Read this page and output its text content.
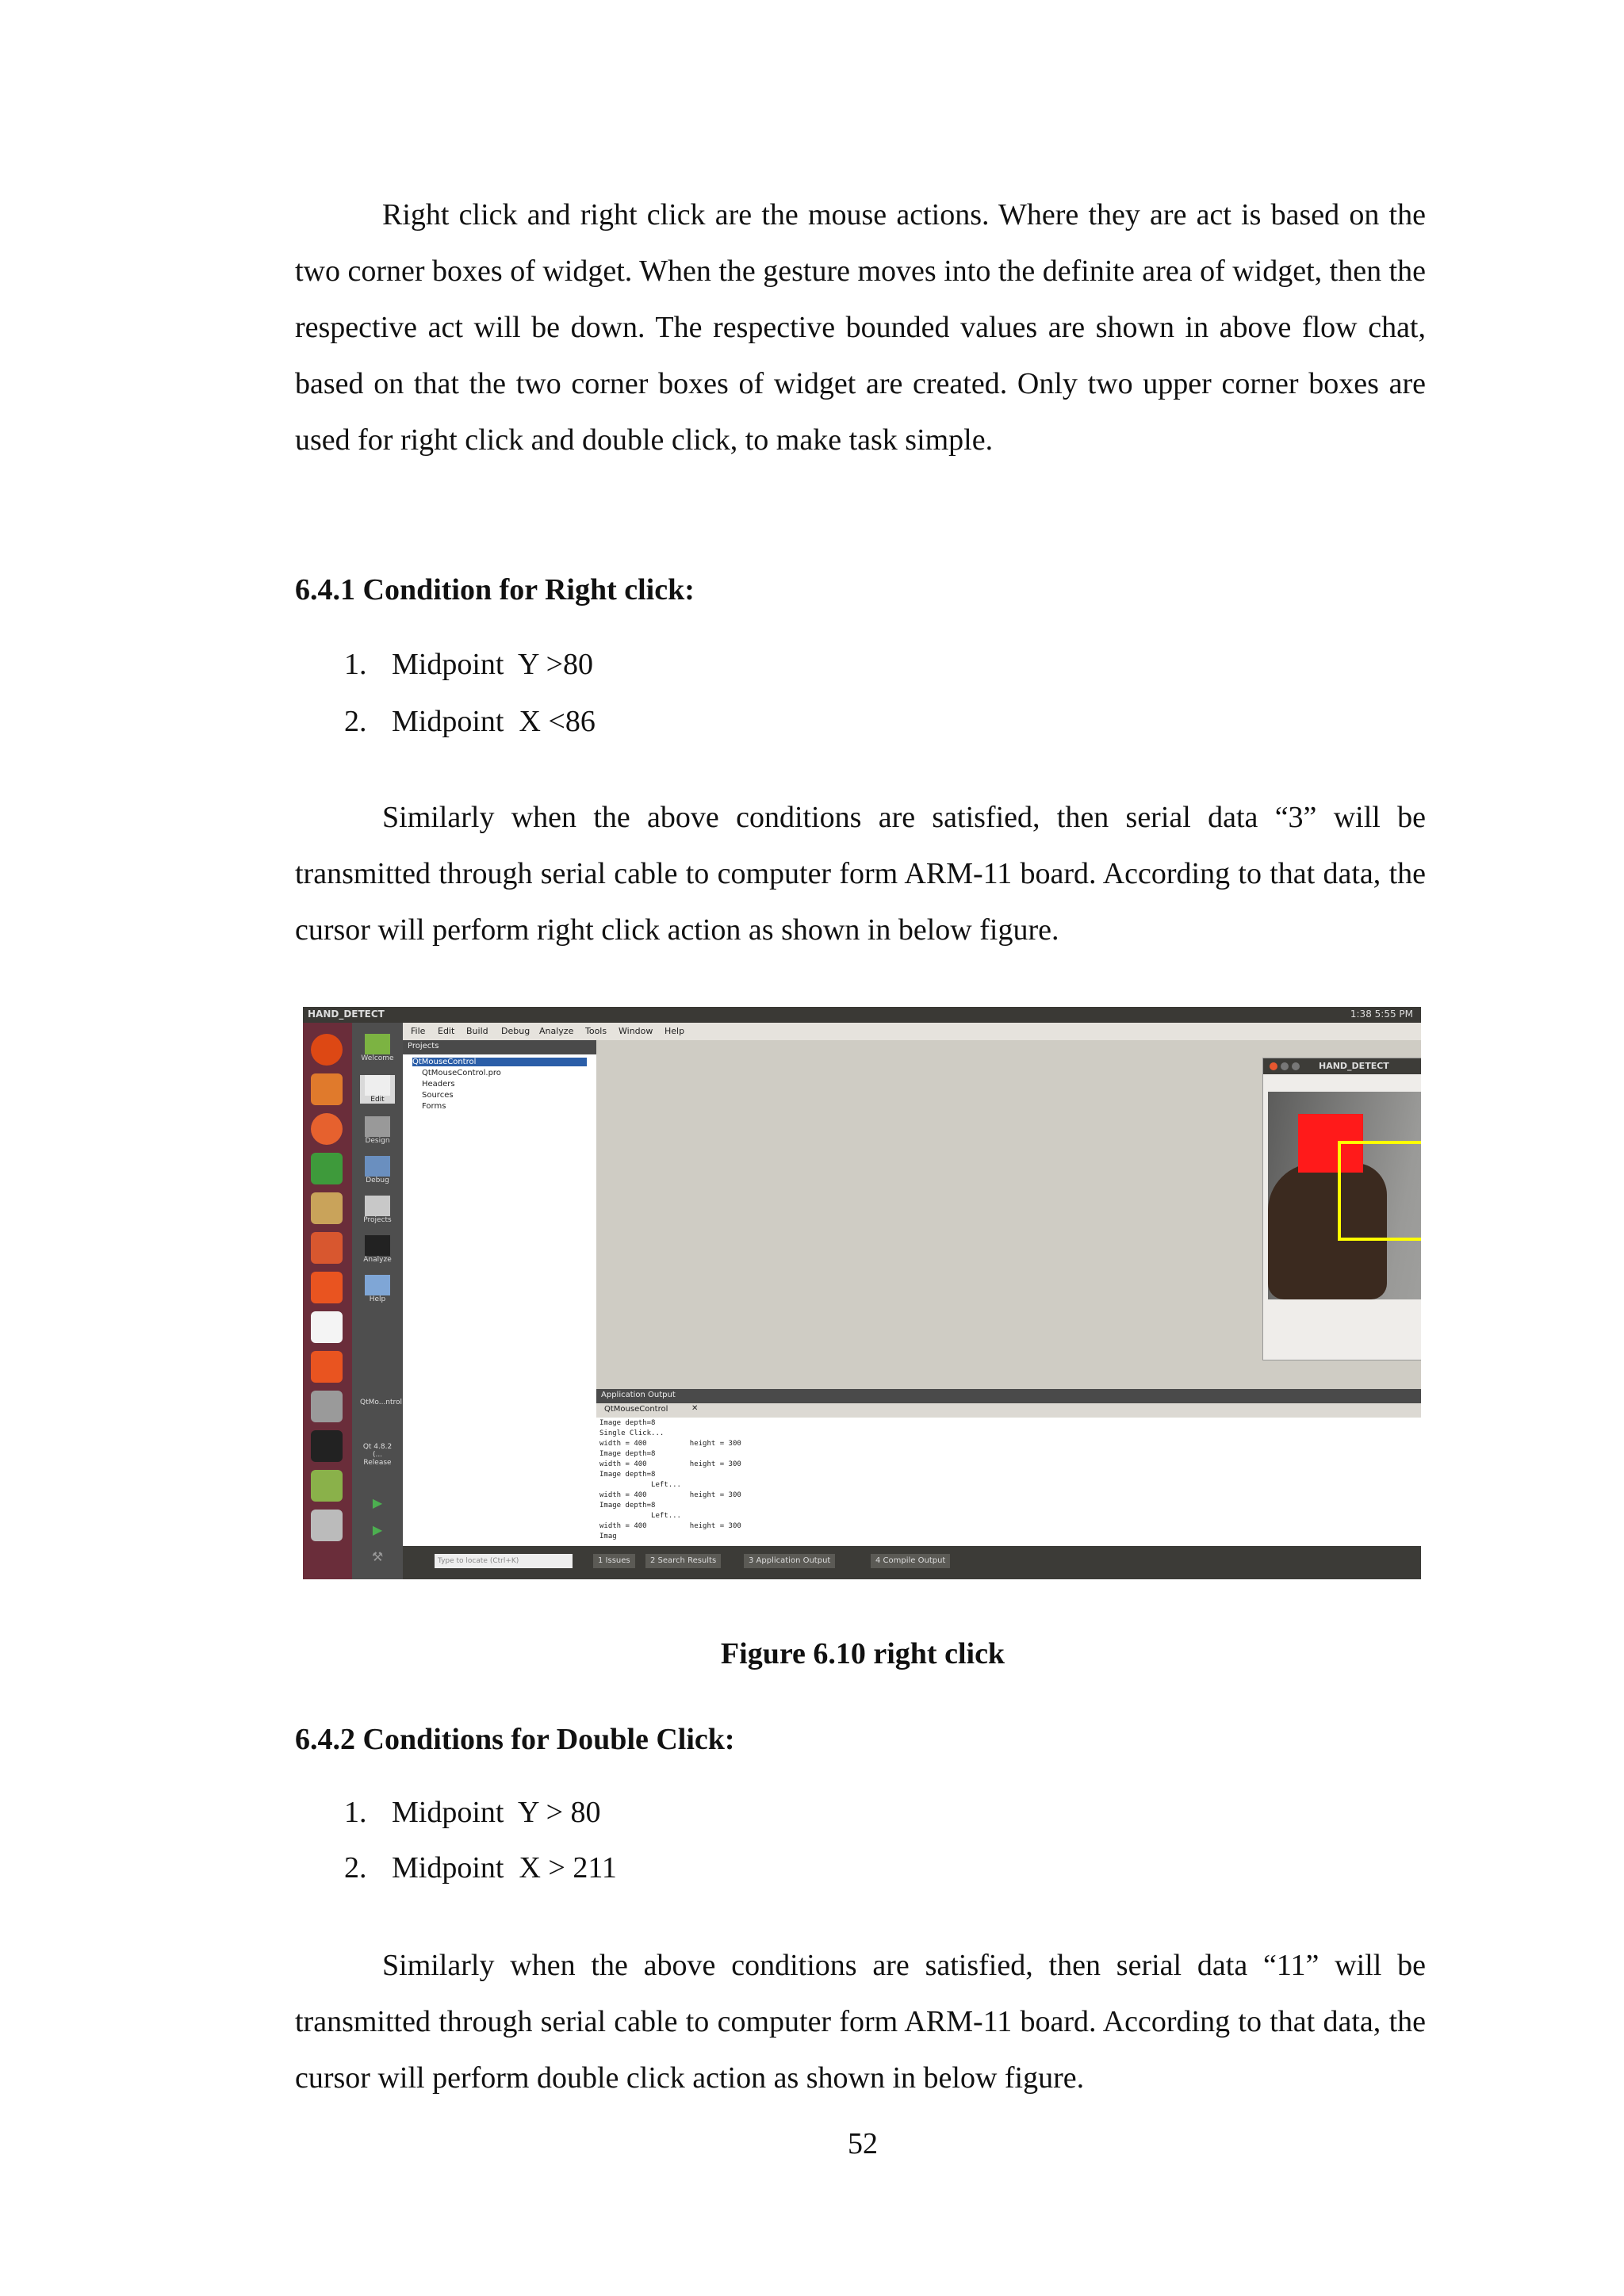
Right click and right click are the mouse actions. Where they are act is based on the two corner boxes of widget. When the gesture moves into the definite area of widget, then the respective act will be down. The respective bounded values are shown in above flow chat, based on that the two corner boxes of widget are created. Only two upper corner boxes are used for right click and double click, to make task simple.
6.4.1 Condition for Right click:
1. Midpoint  Y >80
2. Midpoint  X <86
Similarly when the above conditions are satisfied, then serial data “3” will be transmitted through serial cable to computer form ARM-11 board. According to that data, the cursor will perform right click action as shown in below figure.
HAND_DETECT	1:38 5:55 PM
Welcome
Edit
Design
Debug
Projects
Analyze
Help
QtMo...ntrol
Qt 4.8.2 (...
Release
▶
▶
⚒
File Edit Build Debug Analyze Tools Window Help
Projects
QtMouseControl
QtMouseControl.pro
Headers
Sources
Forms
HAND_DETECT
Application Output
QtMouseControl	✕
Image depth=8
Single Click...
width = 400          height = 300
Image depth=8
width = 400          height = 300
Image depth=8
Left...
width = 400          height = 300
Image depth=8
Left...
width = 400          height = 300
Imag
Type to locate (Ctrl+K)	1 Issues	2 Search Results	3 Application Output	4 Compile Output
Figure 6.10 right click
6.4.2 Conditions for Double Click:
1. Midpoint  Y > 80
2. Midpoint  X > 211
Similarly when the above conditions are satisfied, then serial data “11” will be transmitted through serial cable to computer form ARM-11 board. According to that data, the cursor will perform double click action as shown in below figure.
52
